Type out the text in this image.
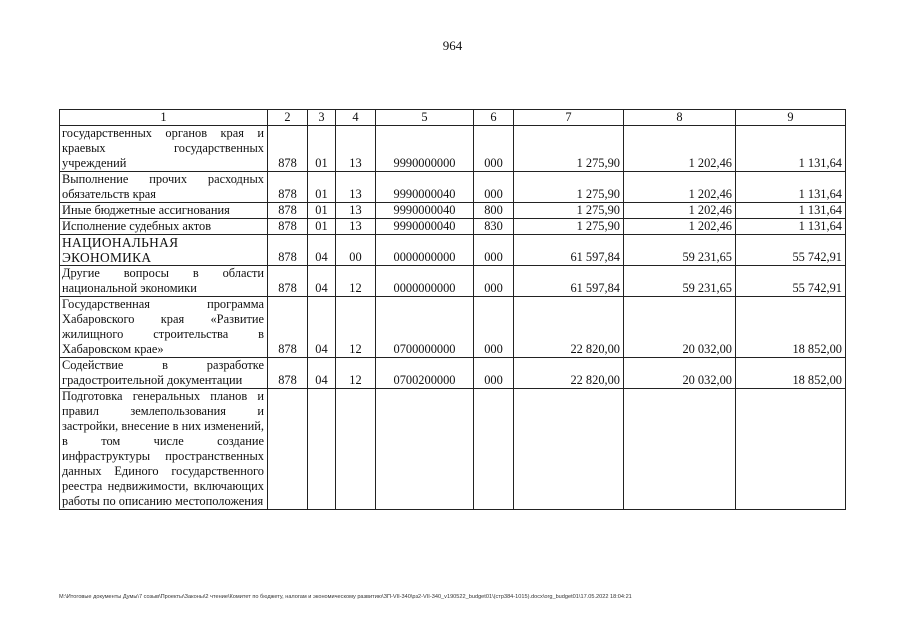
964
1	2	3	4	5	6	7	8	9
государственных органов края и краевых государственных учреждений	878	01	13	9990000000	000	1 275,90	1 202,46	1 131,64
Выполнение прочих расходных обязательств края	878	01	13	9990000040	000	1 275,90	1 202,46	1 131,64
Иные бюджетные ассигнования	878	01	13	9990000040	800	1 275,90	1 202,46	1 131,64
Исполнение судебных актов	878	01	13	9990000040	830	1 275,90	1 202,46	1 131,64
НАЦИОНАЛЬНАЯ ЭКОНОМИКА	878	04	00	0000000000	000	61 597,84	59 231,65	55 742,91
Другие вопросы в области национальной экономики	878	04	12	0000000000	000	61 597,84	59 231,65	55 742,91
Государственная программа Хабаровского края «Развитие жилищного строительства в Хабаровском крае»	878	04	12	0700000000	000	22 820,00	20 032,00	18 852,00
Содействие в разработке градостроительной документации	878	04	12	0700200000	000	22 820,00	20 032,00	18 852,00
Подготовка генеральных планов и правил землепользования и застройки, внесение в них изменений, в том числе создание инфраструктуры пространственных данных Единого государственного реестра недвижимости, включающих работы по описанию местоположения								
M:\Итоговые документы Думы\7 созыв\Проекты\Законы\2 чтение\Комитет по бюджету, налогам и экономическому развитию\ЗП-VII-340\рз2-VII-340_v190522_budget01\(стр384-1015).docx\org_budget01\17.05.2022 18:04:21
